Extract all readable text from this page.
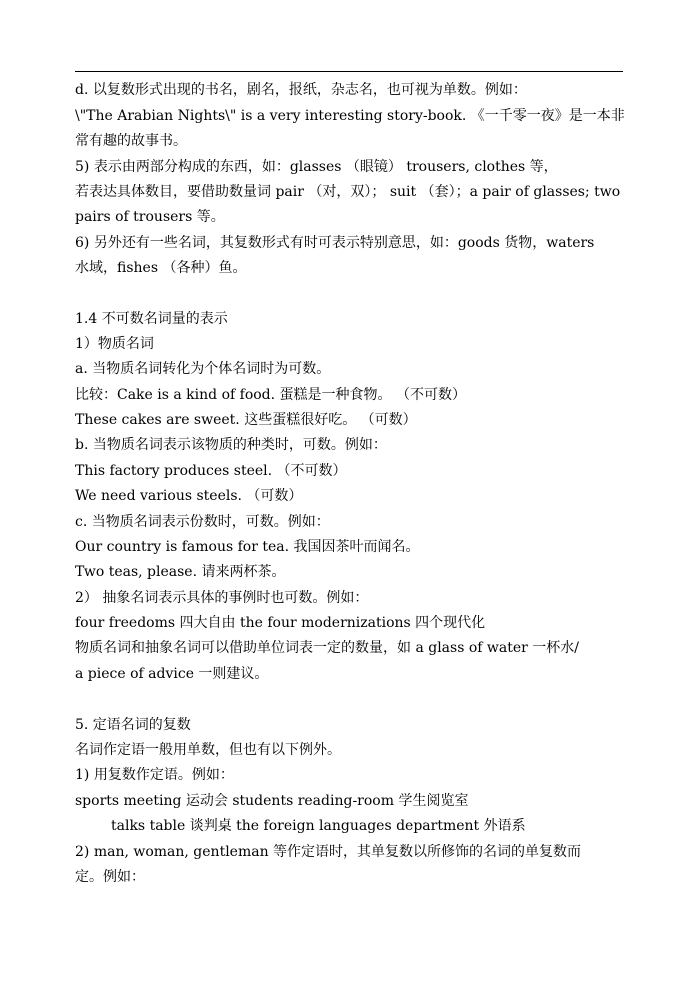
d. 以复数形式出现的书名，剧名，报纸，杂志名，也可视为单数。例如：
\"The Arabian Nights\" is a very interesting story-book. 《一千零一夜》是一本非
常有趣的故事书。
5) 表示由两部分构成的东西，如：glasses （眼镜） trousers, clothes 等，
若表达具体数目，要借助数量词 pair （对，双）； suit （套）；a pair of glasses; two
pairs of trousers 等。
6) 另外还有一些名词，其复数形式有时可表示特别意思，如：goods 货物，waters
水域，fishes （各种）鱼。
1.4 不可数名词量的表示
1）物质名词
a. 当物质名词转化为个体名词时为可数。
比较：Cake is a kind of food. 蛋糕是一种食物。 （不可数）
These cakes are sweet. 这些蛋糕很好吃。 （可数）
b. 当物质名词表示该物质的种类时，可数。例如：
This factory produces steel. （不可数）
We need various steels. （可数）
c. 当物质名词表示份数时，可数。例如：
Our country is famous for tea. 我国因茶叶而闻名。
Two teas, please. 请来两杯茶。
2） 抽象名词表示具体的事例时也可数。例如：
four freedoms 四大自由 the four modernizations 四个现代化
物质名词和抽象名词可以借助单位词表一定的数量，如 a glass of water 一杯水/
a piece of advice 一则建议。
5. 定语名词的复数
名词作定语一般用单数，但也有以下例外。
1) 用复数作定语。例如：
sports meeting 运动会 students reading-room 学生阅览室
talks table 谈判桌 the foreign languages department 外语系
2) man, woman, gentleman 等作定语时，其单复数以所修饰的名词的单复数而
定。例如：
